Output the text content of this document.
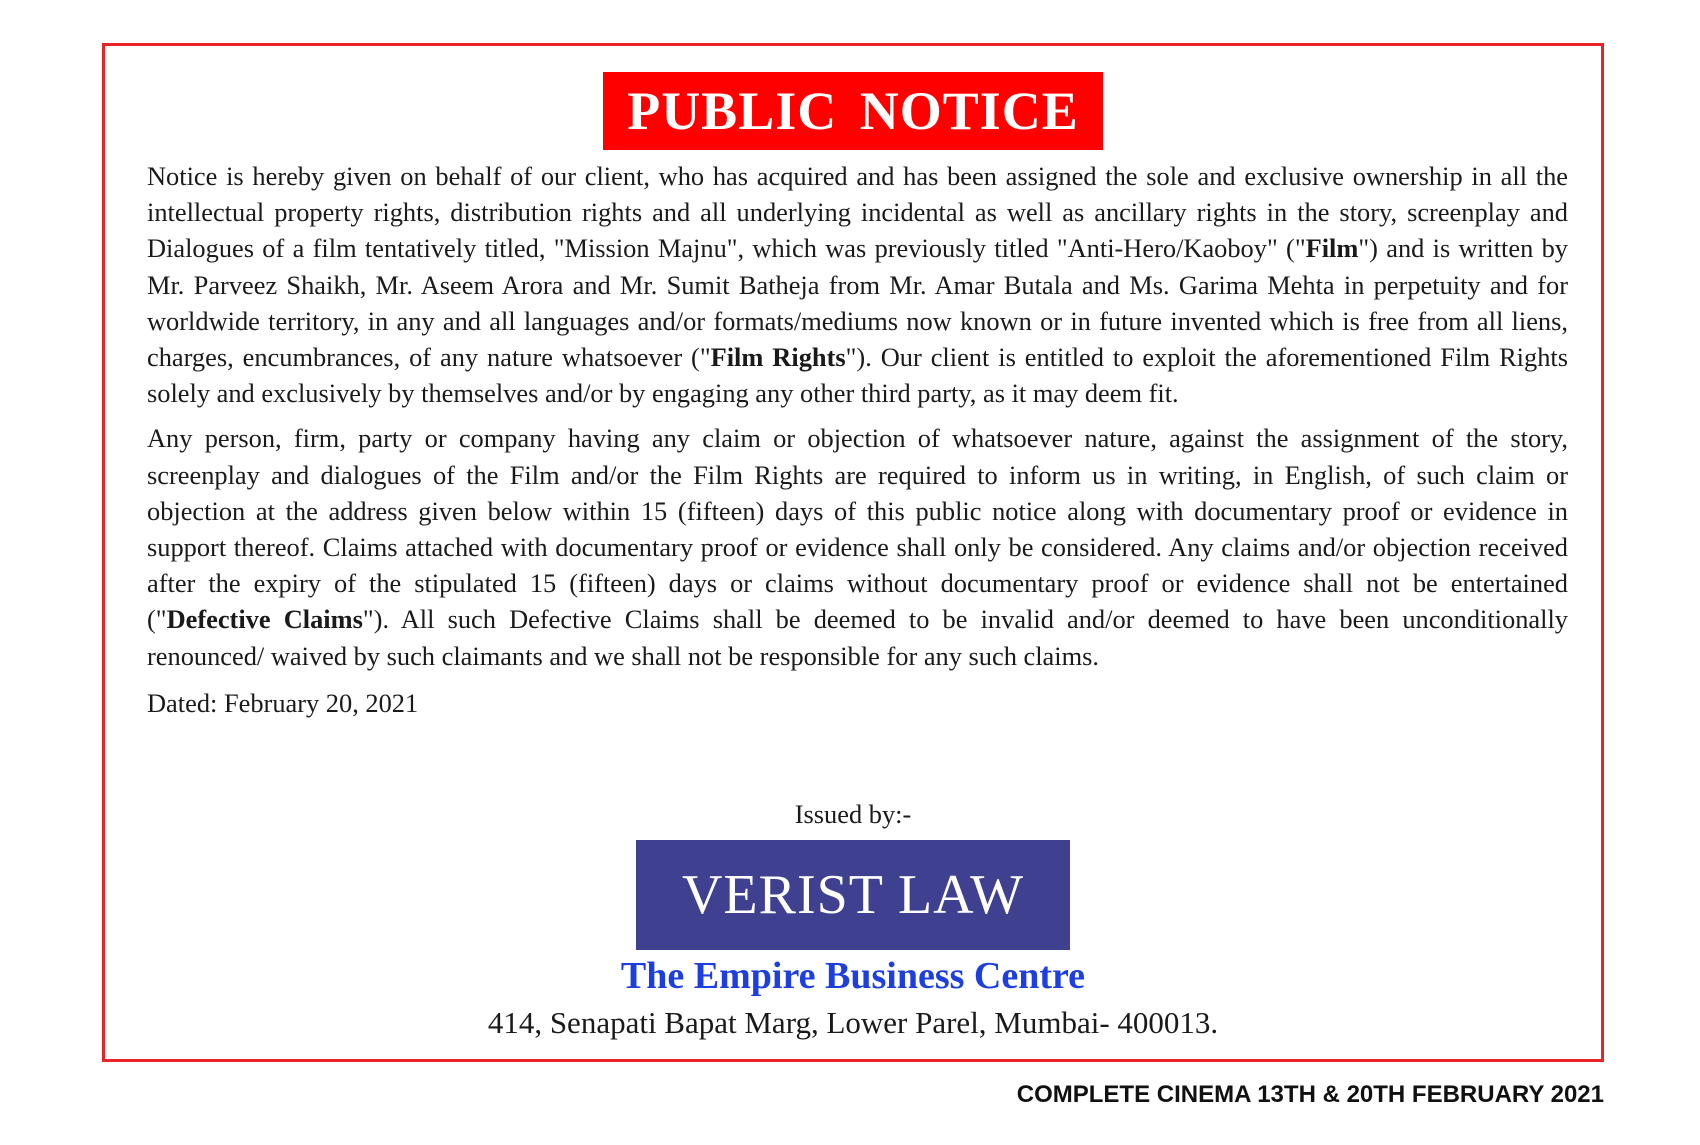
PUBLIC NOTICE

Notice is hereby given on behalf of our client, who has acquired and has been assigned the sole and exclusive ownership in all the intellectual property rights, distribution rights and all underlying incidental as well as ancillary rights in the story, screenplay and Dialogues of a film tentatively titled, "Mission Majnu", which was previously titled "Anti-Hero/Kaoboy" ("Film") and is written by Mr. Parveez Shaikh, Mr. Aseem Arora and Mr. Sumit Batheja from Mr. Amar Butala and Ms. Garima Mehta in perpetuity and for worldwide territory, in any and all languages and/or formats/mediums now known or in future invented which is free from all liens, charges, encumbrances, of any nature whatsoever ("Film Rights"). Our client is entitled to exploit the aforementioned Film Rights solely and exclusively by themselves and/or by engaging any other third party, as it may deem fit.

Any person, firm, party or company having any claim or objection of whatsoever nature, against the assignment of the story, screenplay and dialogues of the Film and/or the Film Rights are required to inform us in writing, in English, of such claim or objection at the address given below within 15 (fifteen) days of this public notice along with documentary proof or evidence in support thereof. Claims attached with documentary proof or evidence shall only be considered. Any claims and/or objection received after the expiry of the stipulated 15 (fifteen) days or claims without documentary proof or evidence shall not be entertained ("Defective Claims"). All such Defective Claims shall be deemed to be invalid and/or deemed to have been unconditionally renounced/ waived by such claimants and we shall not be responsible for any such claims.

Dated: February 20, 2021

Issued by:-
VERIST LAW
The Empire Business Centre
414, Senapati Bapat Marg, Lower Parel, Mumbai- 400013.
COMPLETE CINEMA 13TH & 20TH FEBRUARY 2021
